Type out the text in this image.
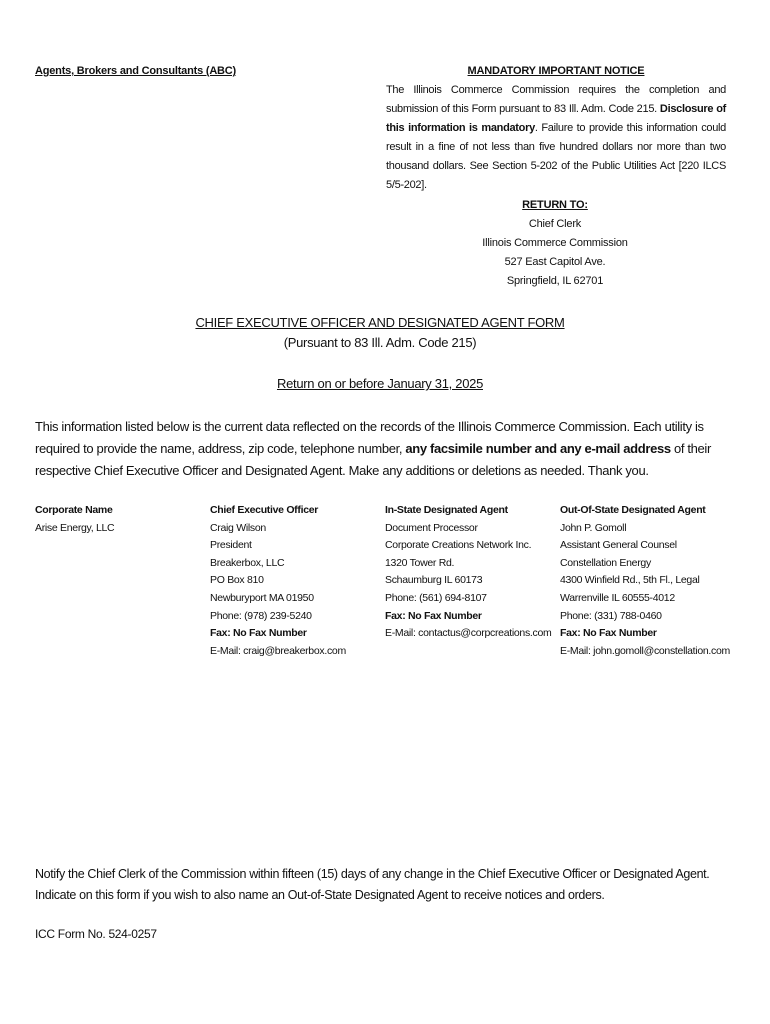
Agents, Brokers and Consultants (ABC)	MANDATORY IMPORTANT NOTICE
The Illinois Commerce Commission requires the completion and submission of this Form pursuant to 83 Ill. Adm. Code 215. Disclosure of this information is mandatory. Failure to provide this information could result in a fine of not less than five hundred dollars nor more than two thousand dollars. See Section 5-202 of the Public Utilities Act [220 ILCS 5/5-202].
RETURN TO:
Chief Clerk
Illinois Commerce Commission
527 East Capitol Ave.
Springfield, IL 62701
CHIEF EXECUTIVE OFFICER AND DESIGNATED AGENT FORM
(Pursuant to 83 Ill. Adm. Code 215)
Return on or before January 31, 2025
This information listed below is the current data reflected on the records of the Illinois Commerce Commission. Each utility is required to provide the name, address, zip code, telephone number, any facsimile number and any e-mail address of their respective Chief Executive Officer and Designated Agent. Make any additions or deletions as needed. Thank you.
Corporate Name
Arise Energy, LLC
Chief Executive Officer
Craig Wilson
President
Breakerbox, LLC
PO Box 810
Newburyport MA 01950
Phone: (978) 239-5240
Fax: No Fax Number
E-Mail: craig@breakerbox.com
In-State Designated Agent
Document Processor
Corporate Creations Network Inc.
1320 Tower Rd.
Schaumburg IL 60173
Phone: (561) 694-8107
Fax: No Fax Number
E-Mail: contactus@corpcreations.com
Out-Of-State Designated Agent
John P. Gomoll
Assistant General Counsel
Constellation Energy
4300 Winfield Rd., 5th Fl., Legal
Warrenville IL 60555-4012
Phone: (331) 788-0460
Fax: No Fax Number
E-Mail: john.gomoll@constellation.com
Notify the Chief Clerk of the Commission within fifteen (15) days of any change in the Chief Executive Officer or Designated Agent.
Indicate on this form if you wish to also name an Out-of-State Designated Agent to receive notices and orders.
ICC Form No. 524-0257
